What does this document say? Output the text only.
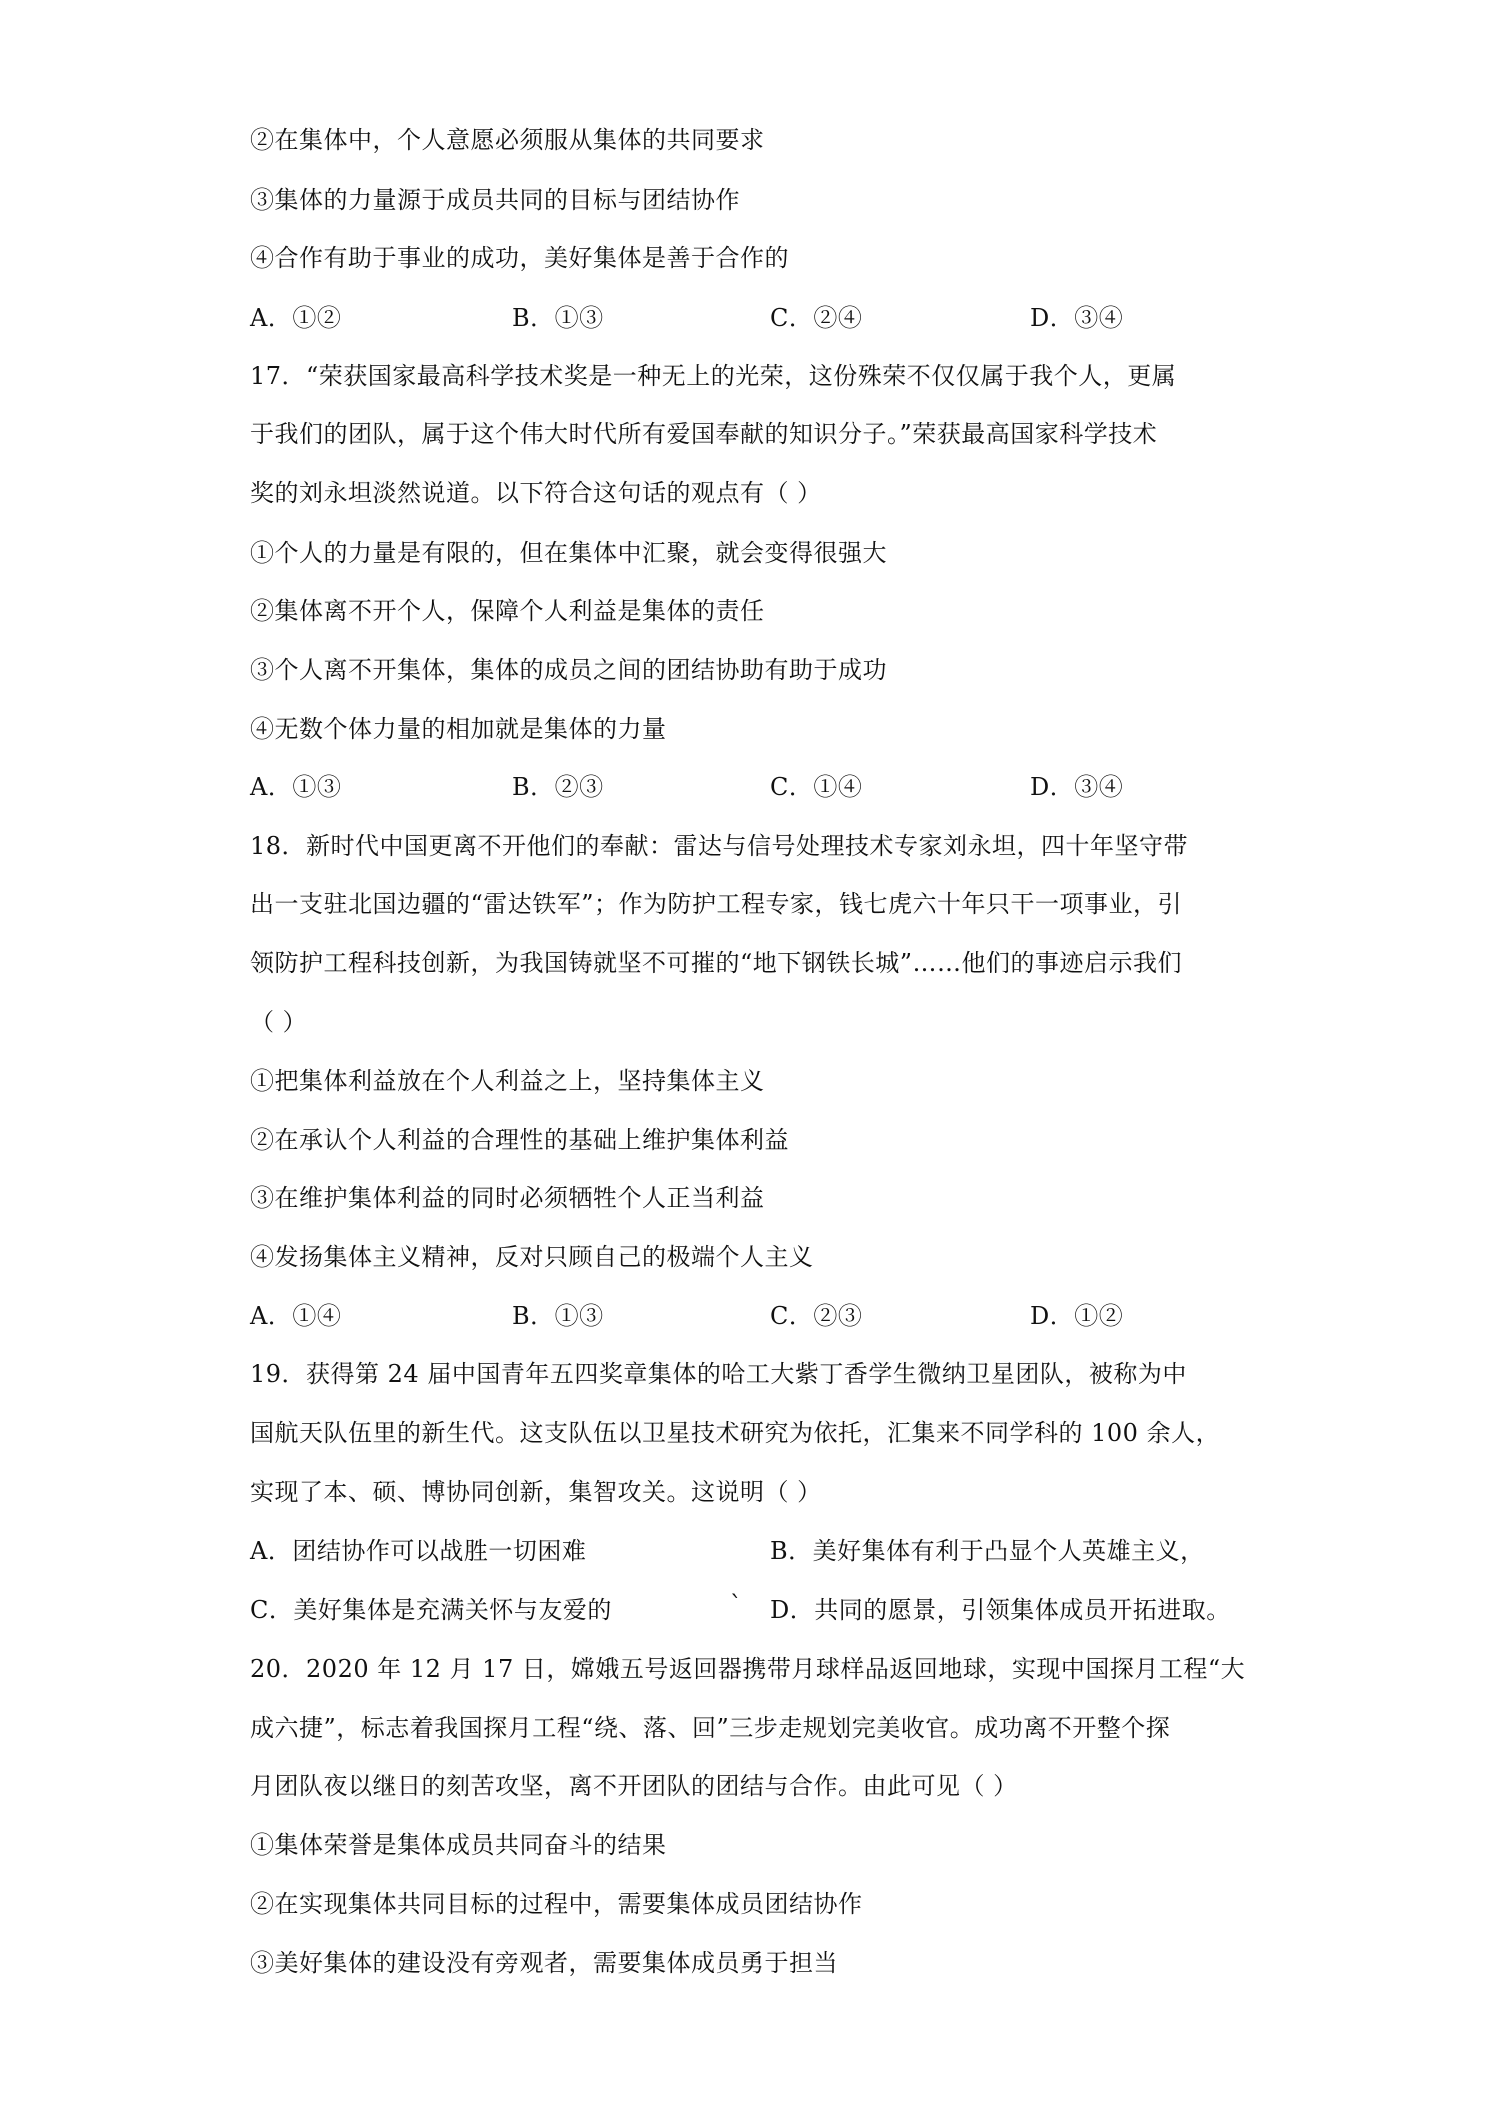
②在集体中，个人意愿必须服从集体的共同要求
③集体的力量源于成员共同的目标与团结协作
④合作有助于事业的成功，美好集体是善于合作的
A．①②	B．①③	C．②④	D．③④
17．“荣获国家最高科学技术奖是一种无上的光荣，这份殊荣不仅仅属于我个人，更属
于我们的团队，属于这个伟大时代所有爱国奉献的知识分子。”荣获最高国家科学技术
奖的刘永坦淡然说道。以下符合这句话的观点有（ ）
①个人的力量是有限的，但在集体中汇聚，就会变得很强大
②集体离不开个人，保障个人利益是集体的责任
③个人离不开集体，集体的成员之间的团结协助有助于成功
④无数个体力量的相加就是集体的力量
A．①③	B．②③	C．①④	D．③④
18．新时代中国更离不开他们的奉献：雷达与信号处理技术专家刘永坦，四十年坚守带
出一支驻北国边疆的“雷达铁军”；作为防护工程专家，钱七虎六十年只干一项事业，引
领防护工程科技创新，为我国铸就坚不可摧的“地下钢铁长城”……他们的事迹启示我们
（ ）
①把集体利益放在个人利益之上，坚持集体主义
②在承认个人利益的合理性的基础上维护集体利益
③在维护集体利益的同时必须牺牲个人正当利益
④发扬集体主义精神，反对只顾自己的极端个人主义
A．①④	B．①③	C．②③	D．①②
19．获得第 24 届中国青年五四奖章集体的哈工大紫丁香学生微纳卫星团队，被称为中
国航天队伍里的新生代。这支队伍以卫星技术研究为依托，汇集来不同学科的 100 余人，
实现了本、硕、博协同创新，集智攻关。这说明（ ）
A．团结协作可以战胜一切困难	B．美好集体有利于凸显个人英雄主义，
C．美好集体是充满关怀与友爱的	` D．共同的愿景，引领集体成员开拓进取。
20．2020 年 12 月 17 日，嫦娥五号返回器携带月球样品返回地球，实现中国探月工程“大
成六捷”，标志着我国探月工程“绕、落、回”三步走规划完美收官。成功离不开整个探
月团队夜以继日的刻苦攻坚，离不开团队的团结与合作。由此可见（ ）
①集体荣誉是集体成员共同奋斗的结果
②在实现集体共同目标的过程中，需要集体成员团结协作
③美好集体的建设没有旁观者，需要集体成员勇于担当
